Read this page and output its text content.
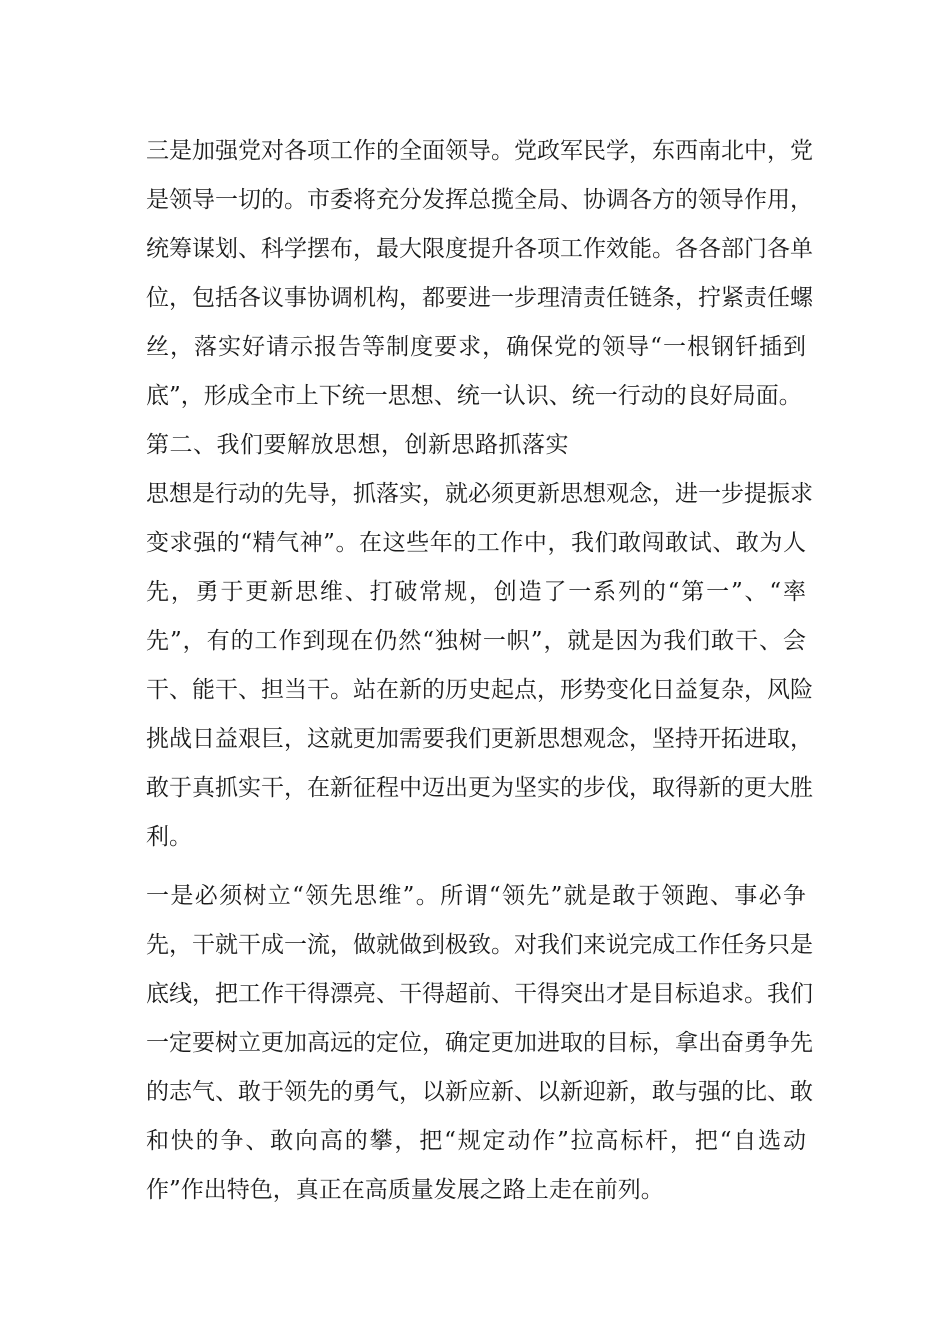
三是加强党对各项工作的全面领导。党政军民学，东西南北中，党
是领导一切的。市委将充分发挥总揽全局、协调各方的领导作用，
统筹谋划、科学摆布，最大限度提升各项工作效能。各各部门各单
位，包括各议事协调机构，都要进一步理清责任链条，拧紧责任螺
丝，落实好请示报告等制度要求，确保党的领导“一根钢钎插到
底”，形成全市上下统一思想、统一认识、统一行动的良好局面。
第二、我们要解放思想，创新思路抓落实
思想是行动的先导，抓落实，就必须更新思想观念，进一步提振求
变求强的“精气神”。在这些年的工作中，我们敢闯敢试、敢为人
先，勇于更新思维、打破常规，创造了一系列的“第一”、“率
先”，有的工作到现在仍然“独树一帜”，就是因为我们敢干、会
干、能干、担当干。站在新的历史起点，形势变化日益复杂，风险
挑战日益艰巨，这就更加需要我们更新思想观念，坚持开拓进取，
敢于真抓实干，在新征程中迈出更为坚实的步伐，取得新的更大胜
利。
一是必须树立“领先思维”。所谓“领先”就是敢于领跑、事必争
先，干就干成一流，做就做到极致。对我们来说完成工作任务只是
底线，把工作干得漂亮、干得超前、干得突出才是目标追求。我们
一定要树立更加高远的定位，确定更加进取的目标，拿出奋勇争先
的志气、敢于领先的勇气，以新应新、以新迎新，敢与强的比、敢
和快的争、敢向高的攀，把“规定动作”拉高标杆，把“自选动
作”作出特色，真正在高质量发展之路上走在前列。
